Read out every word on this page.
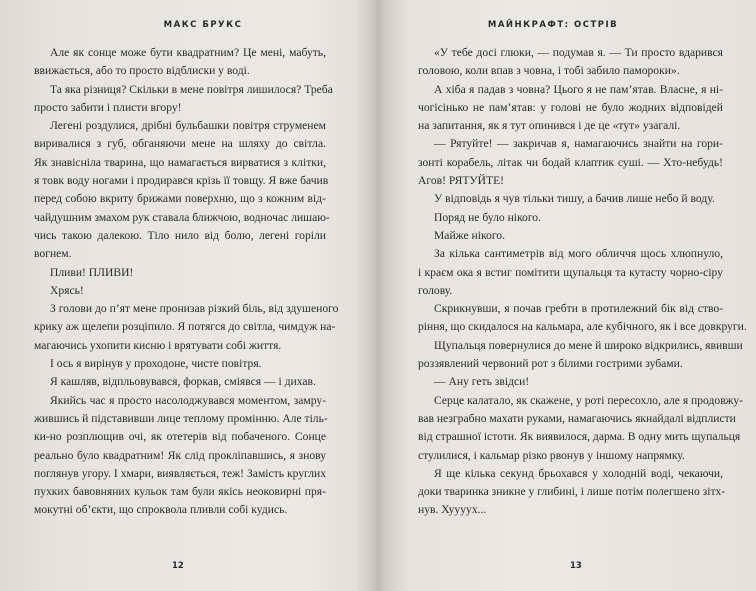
МАКС БРУКС
Але як сонце може бути квадратним? Це мені, мабуть,
ввижається, або то просто відблиски у воді.
Та яка різниця? Скільки в мене повітря лишилося? Треба
просто забити і плисти вгору!
Легені роздулися, дрібні бульбашки повітря струменем
виривалися з губ, обганяючи мене на шляху до світла.
Як знавісніла тварина, що намагається вирватися з клітки,
я товк воду ногами і продирався крізь її товщу. Я вже бачив
перед собою вкриту брижами поверхню, що з кожним від-
чайдушним змахом рук ставала ближчою, водночас лишаю-
чись такою далекою. Тіло нило від болю, легені горіли
вогнем.
Пливи! ПЛИВИ!
Хрясь!
З голови до п’ят мене пронизав різкий біль, від здушеного
крику аж щелепи розціпило. Я потягся до світла, чимдуж на-
магаючись ухопити кисню і врятувати собі життя.
І ось я вирінув у проходоне, чисте повітря.
Я кашляв, відпльовувався, форкав, сміявся — і дихав.
Якийсь час я просто насолоджувався моментом, замру-
жившись й підставивши лице теплому промінню. Але тіль-
ки-но розплющив очі, як отетерів від побаченого. Сонце
реально було квадратним! Як слід проклiпавшись, я знову
поглянув угору. І хмари, виявляється, теж! Замість круглих
пухких бавовняних кульок там були якісь неоковирні пря-
мокутні об’єкти, що спроквола пливли собі кудись.
12
МАЙНКРАФТ: ОСТРІВ
«У тебе досі глюки, — подумав я. — Ти просто вдарився
головою, коли впав з човна, і тобі забило памороки».
А хіба я падав з човна? Цього я не пам’ятав. Власне, я ні-
чогісінько не пам’ятав: у голові не було жодних відповідей
на запитання, як я тут опинився і де це «тут» узагалі.
— Рятуйте! — закричав я, намагаючись знайти на гори-
зонті корабель, літак чи бодай клаптик суші. — Хто-небудь!
Агов! РЯТУЙТЕ!
У відповідь я чув тільки тишу, а бачив лише небо й воду.
Поряд не було нікого.
Майже нікого.
За кілька сантиметрів від мого обличчя щось хлюпнуло,
і краєм ока я встиг помітити щупальця та кутасту чорно-сіру
голову.
Скрикнувши, я почав гребти в протилежний бік від ство-
ріння, що скидалося на кальмара, але кубічного, як і все довкруги.
Щупальця повернулися до мене й широко відкрились, явивши
роззявлений червоний рот з білими гострими зубами.
— Ану геть звідси!
Серце калатало, як скажене, у роті пересохло, але я продовжу-
вав незграбно махати руками, намагаючись якнайдалі відплисти
від страшної істоти. Як виявилося, дарма. В одну мить щупальця
стулилися, і кальмар різко рвонув у іншому напрямку.
Я ще кілька секунд брьохався у холодній воді, чекаючи,
доки тваринка зникне у глибині, і лише потім полегшено зітх-
нув. Хуууух...
13
